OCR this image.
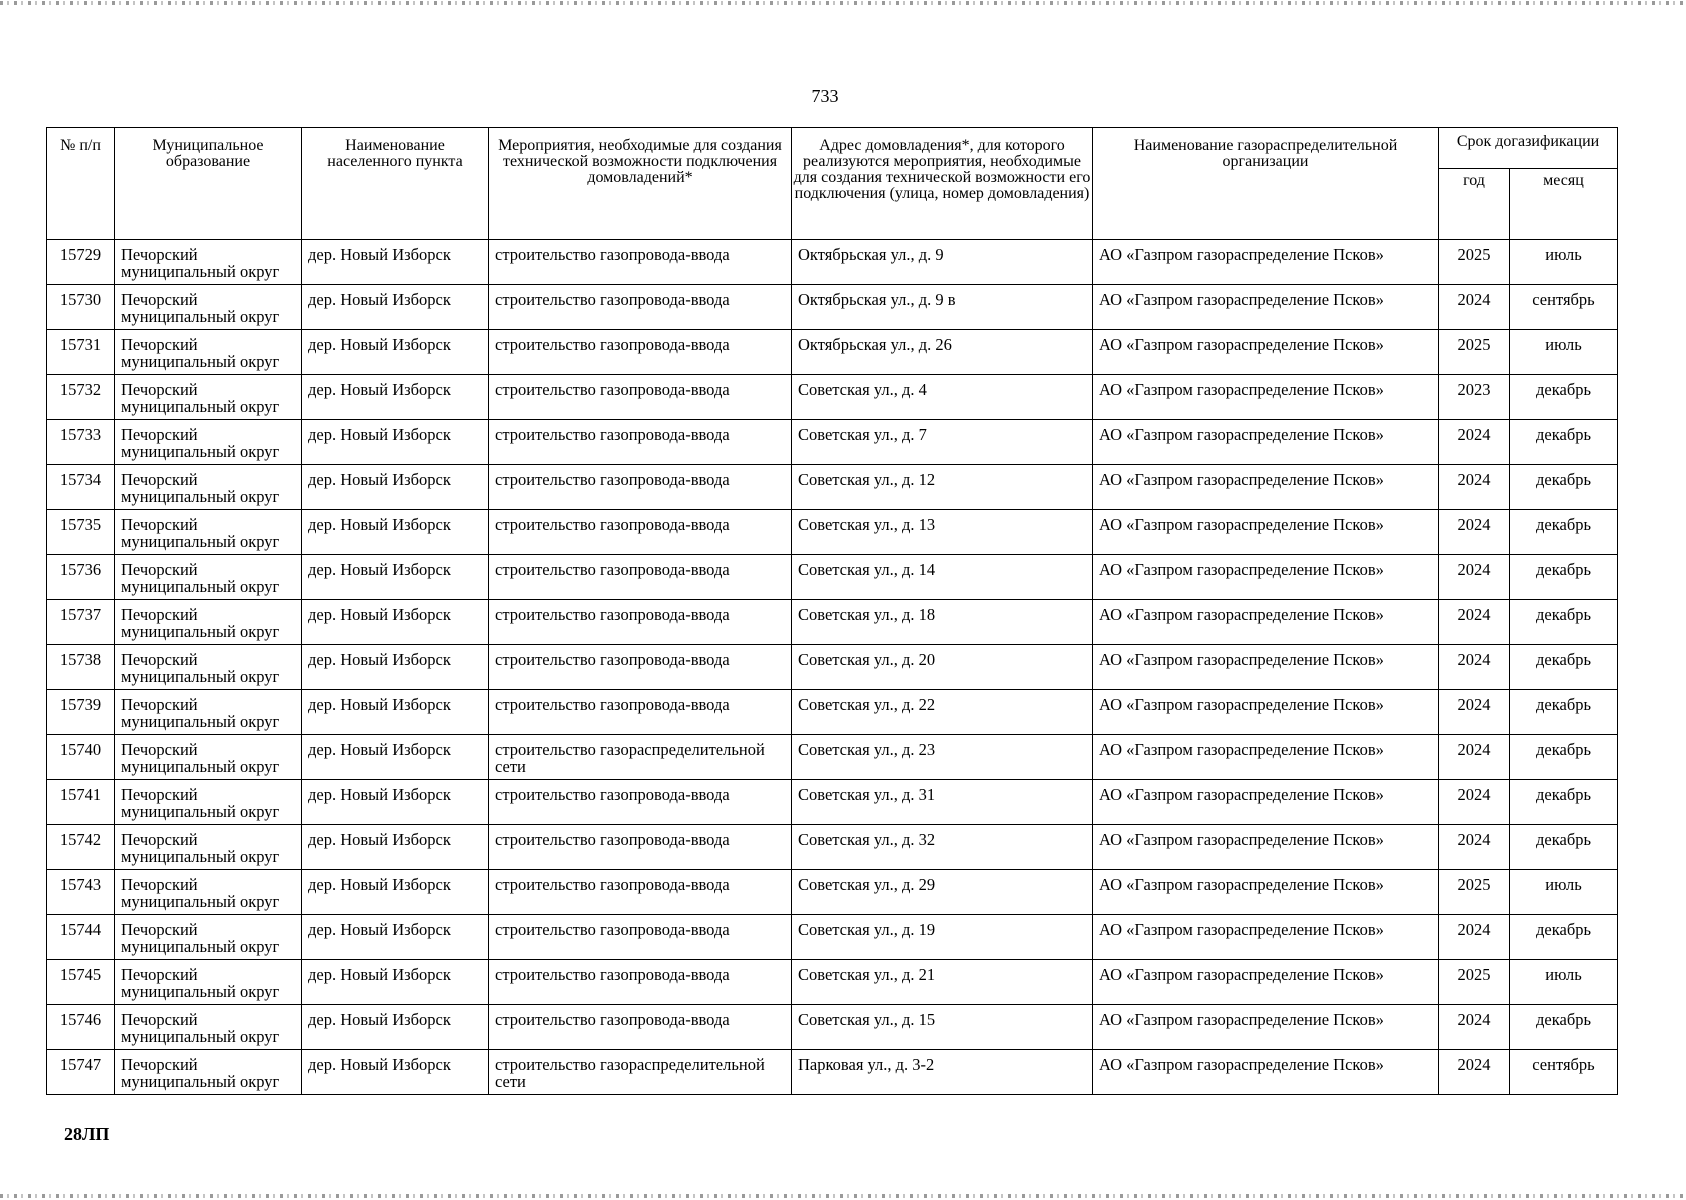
733
№ п/п	Муниципальное образование	Наименование населенного пункта	Мероприятия, необходимые для создания технической возможности подключения домовладений*	Адрес домовладения*, для которого реализуются мероприятия, необходимые для создания технической возможности его подключения (улица, номер домовладения)	Наименование газораспределительной организации	Срок догазификации	
						год	месяц
15729	Печорский муниципальный округ	дер. Новый Изборск	строительство газопровода-ввода	Октябрьская ул., д. 9	АО «Газпром газораспределение Псков»	2025	июль
15730	Печорский муниципальный округ	дер. Новый Изборск	строительство газопровода-ввода	Октябрьская ул., д. 9 в	АО «Газпром газораспределение Псков»	2024	сентябрь
15731	Печорский муниципальный округ	дер. Новый Изборск	строительство газопровода-ввода	Октябрьская ул., д. 26	АО «Газпром газораспределение Псков»	2025	июль
15732	Печорский муниципальный округ	дер. Новый Изборск	строительство газопровода-ввода	Советская ул., д. 4	АО «Газпром газораспределение Псков»	2023	декабрь
15733	Печорский муниципальный округ	дер. Новый Изборск	строительство газопровода-ввода	Советская ул., д. 7	АО «Газпром газораспределение Псков»	2024	декабрь
15734	Печорский муниципальный округ	дер. Новый Изборск	строительство газопровода-ввода	Советская ул., д. 12	АО «Газпром газораспределение Псков»	2024	декабрь
15735	Печорский муниципальный округ	дер. Новый Изборск	строительство газопровода-ввода	Советская ул., д. 13	АО «Газпром газораспределение Псков»	2024	декабрь
15736	Печорский муниципальный округ	дер. Новый Изборск	строительство газопровода-ввода	Советская ул., д. 14	АО «Газпром газораспределение Псков»	2024	декабрь
15737	Печорский муниципальный округ	дер. Новый Изборск	строительство газопровода-ввода	Советская ул., д. 18	АО «Газпром газораспределение Псков»	2024	декабрь
15738	Печорский муниципальный округ	дер. Новый Изборск	строительство газопровода-ввода	Советская ул., д. 20	АО «Газпром газораспределение Псков»	2024	декабрь
15739	Печорский муниципальный округ	дер. Новый Изборск	строительство газопровода-ввода	Советская ул., д. 22	АО «Газпром газораспределение Псков»	2024	декабрь
15740	Печорский муниципальный округ	дер. Новый Изборск	строительство газораспределительной сети	Советская ул., д. 23	АО «Газпром газораспределение Псков»	2024	декабрь
15741	Печорский муниципальный округ	дер. Новый Изборск	строительство газопровода-ввода	Советская ул., д. 31	АО «Газпром газораспределение Псков»	2024	декабрь
15742	Печорский муниципальный округ	дер. Новый Изборск	строительство газопровода-ввода	Советская ул., д. 32	АО «Газпром газораспределение Псков»	2024	декабрь
15743	Печорский муниципальный округ	дер. Новый Изборск	строительство газопровода-ввода	Советская ул., д. 29	АО «Газпром газораспределение Псков»	2025	июль
15744	Печорский муниципальный округ	дер. Новый Изборск	строительство газопровода-ввода	Советская ул., д. 19	АО «Газпром газораспределение Псков»	2024	декабрь
15745	Печорский муниципальный округ	дер. Новый Изборск	строительство газопровода-ввода	Советская ул., д. 21	АО «Газпром газораспределение Псков»	2025	июль
15746	Печорский муниципальный округ	дер. Новый Изборск	строительство газопровода-ввода	Советская ул., д. 15	АО «Газпром газораспределение Псков»	2024	декабрь
15747	Печорский муниципальный округ	дер. Новый Изборск	строительство газораспределительной сети	Парковая ул., д. 3-2	АО «Газпром газораспределение Псков»	2024	сентябрь
28ЛП
